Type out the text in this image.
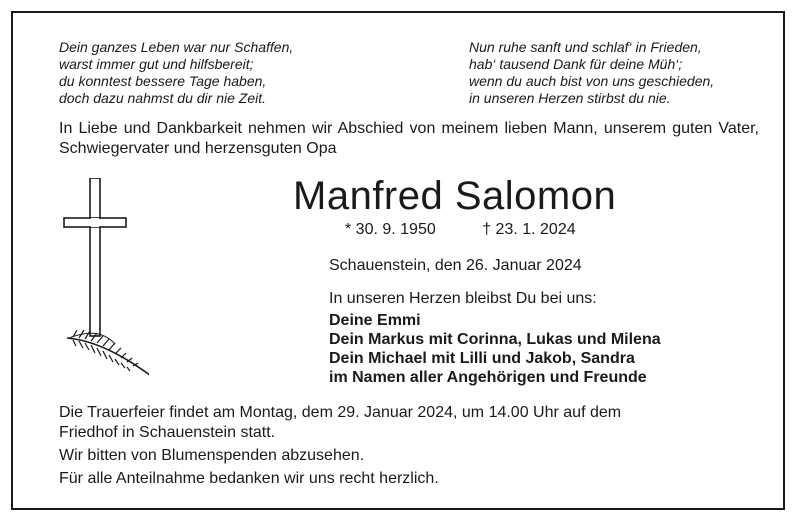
Dein ganzes Leben war nur Schaffen,
warst immer gut und hilfsbereit;
du konntest bessere Tage haben,
doch dazu nahmst du dir nie Zeit.
Nun ruhe sanft und schlaf‘ in Frieden,
hab‘ tausend Dank für deine Müh‘;
wenn du auch bist von uns geschieden,
in unseren Herzen stirbst du nie.
In Liebe und Dankbarkeit nehmen wir Abschied von meinem lieben Mann, unserem guten Vater, Schwiegervater und herzensguten Opa
Manfred Salomon
* 30. 9. 1950	† 23. 1. 2024
Schauenstein, den 26. Januar 2024
In unseren Herzen bleibst Du bei uns:
Deine Emmi
Dein Markus mit Corinna, Lukas und Milena
Dein Michael mit Lilli und Jakob, Sandra
im Namen aller Angehörigen und Freunde
Die Trauerfeier findet am Montag, dem 29. Januar 2024, um 14.00 Uhr auf dem
Friedhof in Schauenstein statt.
Wir bitten von Blumenspenden abzusehen.
Für alle Anteilnahme bedanken wir uns recht herzlich.
